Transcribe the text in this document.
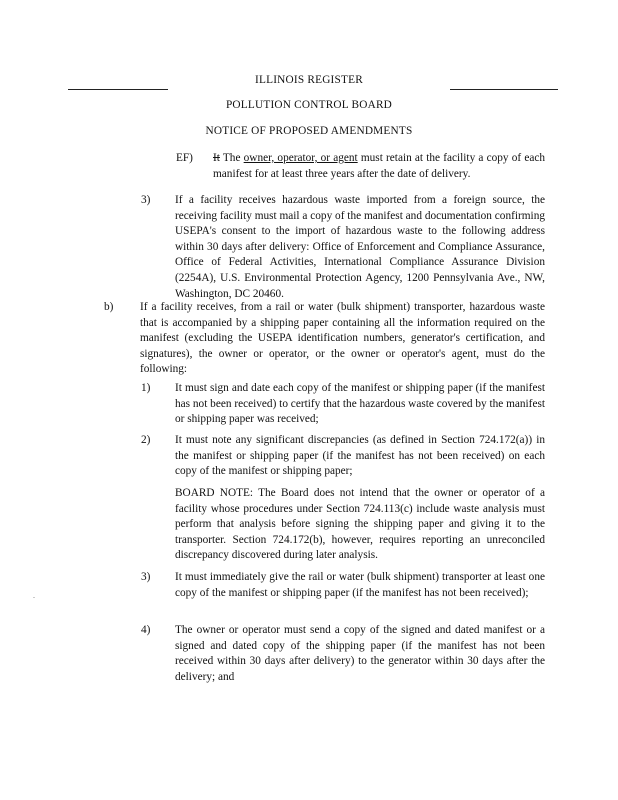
ILLINOIS REGISTER
POLLUTION CONTROL BOARD
NOTICE OF PROPOSED AMENDMENTS
EF) It The owner, operator, or agent must retain at the facility a copy of each manifest for at least three years after the date of delivery.
3) If a facility receives hazardous waste imported from a foreign source, the receiving facility must mail a copy of the manifest and documentation confirming USEPA's consent to the import of hazardous waste to the following address within 30 days after delivery: Office of Enforcement and Compliance Assurance, Office of Federal Activities, International Compliance Assurance Division (2254A), U.S. Environmental Protection Agency, 1200 Pennsylvania Ave., NW, Washington, DC 20460.
b) If a facility receives, from a rail or water (bulk shipment) transporter, hazardous waste that is accompanied by a shipping paper containing all the information required on the manifest (excluding the USEPA identification numbers, generator's certification, and signatures), the owner or operator, or the owner or operator's agent, must do the following:
1) It must sign and date each copy of the manifest or shipping paper (if the manifest has not been received) to certify that the hazardous waste covered by the manifest or shipping paper was received;
2) It must note any significant discrepancies (as defined in Section 724.172(a)) in the manifest or shipping paper (if the manifest has not been received) on each copy of the manifest or shipping paper;
BOARD NOTE: The Board does not intend that the owner or operator of a facility whose procedures under Section 724.113(c) include waste analysis must perform that analysis before signing the shipping paper and giving it to the transporter. Section 724.172(b), however, requires reporting an unreconciled discrepancy discovered during later analysis.
3) It must immediately give the rail or water (bulk shipment) transporter at least one copy of the manifest or shipping paper (if the manifest has not been received);
4) The owner or operator must send a copy of the signed and dated manifest or a signed and dated copy of the shipping paper (if the manifest has not been received within 30 days after delivery) to the generator within 30 days after the delivery; and
.
